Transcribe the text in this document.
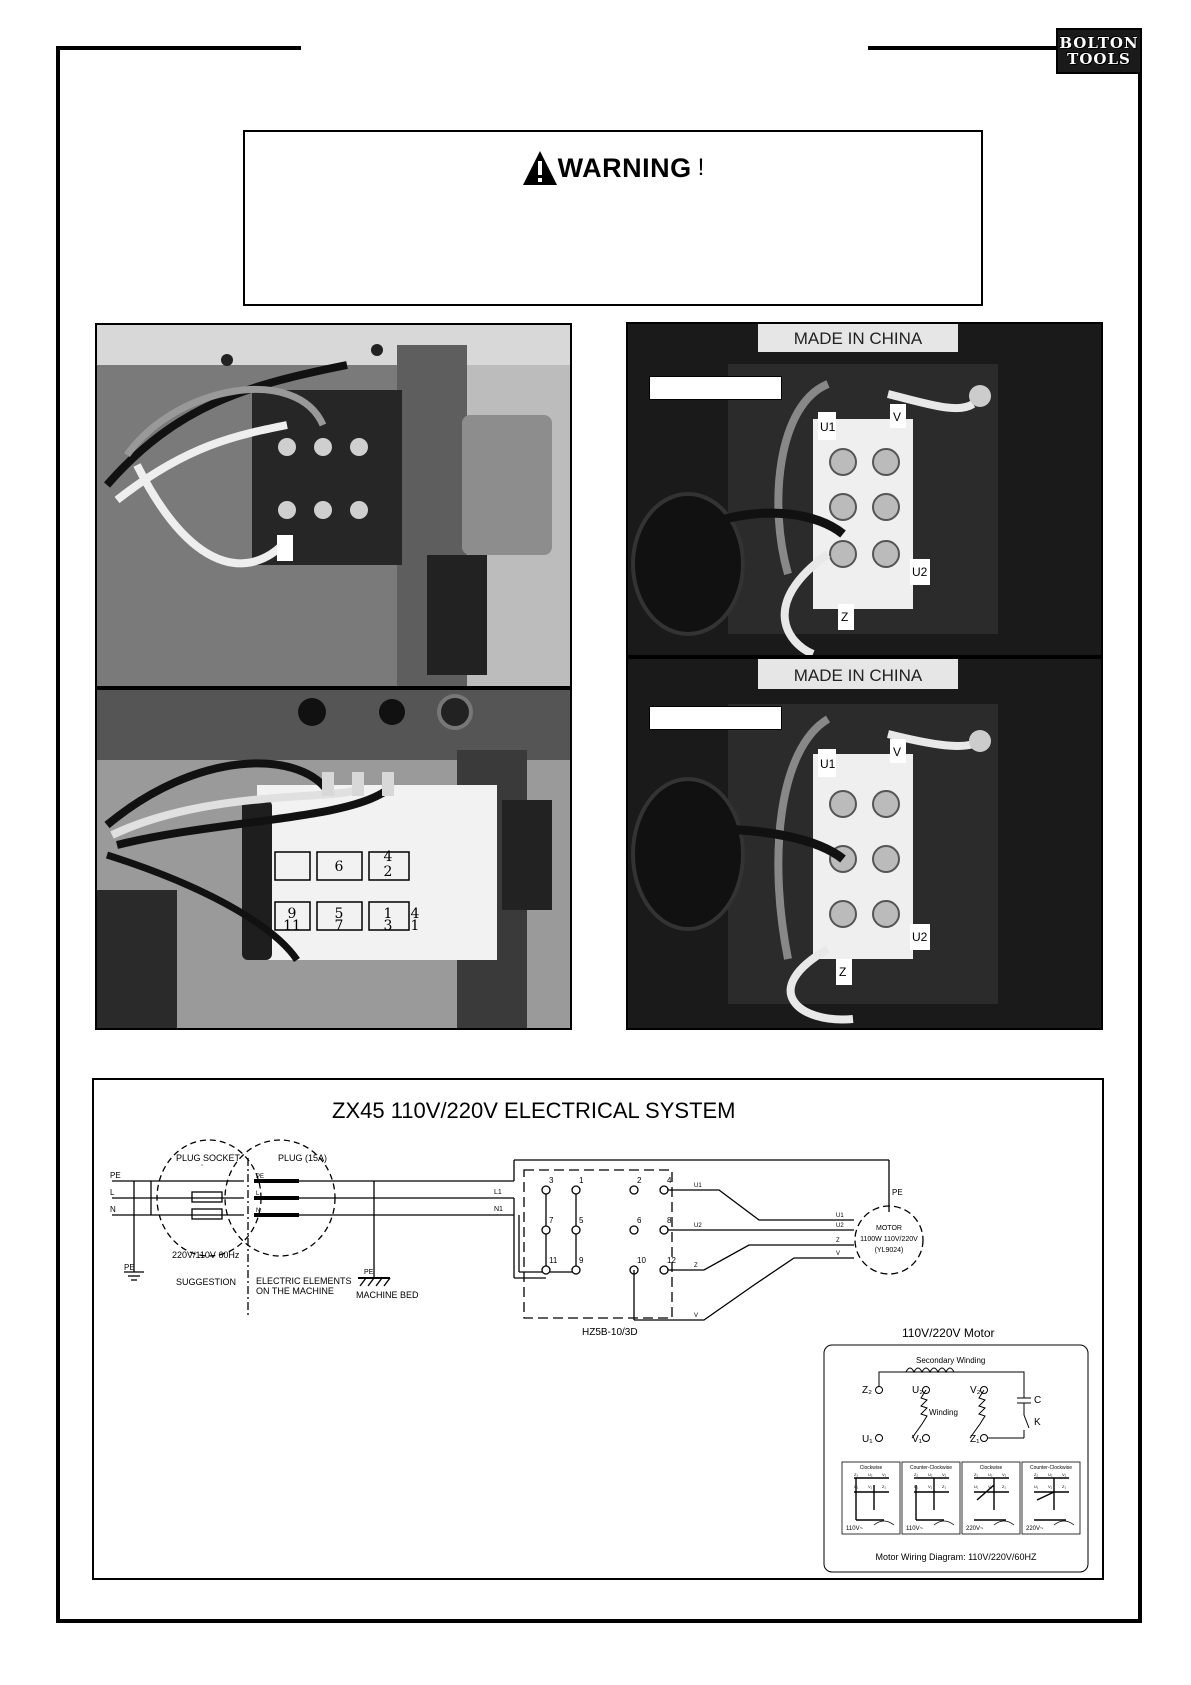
BOLTON
TOOLS
WARNING !
4
2
6
9	5	1
11 7	3
4
1
MADE IN CHINA
U1
V
U2
Z
MADE IN CHINA
U1
V
U2
Z
ZX45 110V/220V ELECTRICAL SYSTEM
PE
L
N
PLUG SOCKET	PLUG (15A)
PE
L
N
220V/110V 60Hz
PE
SUGGESTION ELECTRIC ELEMENTS
ON THE MACHINE
PE
MACHINE BED
L1
N1
3	1	2	4
7	5	6	8
11	9	10	12
HZ5B-10/3D
U1
U2
Z
V
PE
U1
U2
Z
V
MOTOR
1100W 110V/220V
(YL9024)
110V/220V Motor
Secondary Winding
Winding
Z₂	U₂	V₂
U₁	V₁	Z₁
C
K
Clockwise
110V~
Z₂	U₂ V₂
U₁ V₁ Z₁
Counter-Clockwise
110V~
Z₂	U₂ V₂
U₁ V₁ Z₁
Clockwise
220V~
Z₂	U₂ V₂
U₁ V₁ Z₁
Counter-Clockwise
220V~
Z₂	U₂ V₂
U₁ V₁ Z₁
Motor Wiring Diagram: 110V/220V/60HZ
